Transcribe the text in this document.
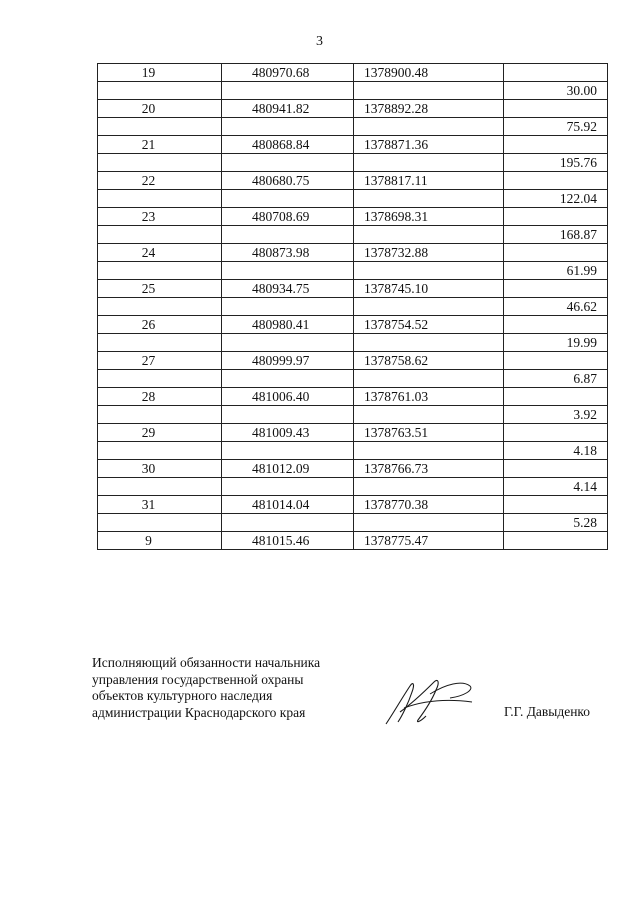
3
19	480970.68	1378900.48	
			30.00
20	480941.82	1378892.28	
			75.92
21	480868.84	1378871.36	
			195.76
22	480680.75	1378817.11	
			122.04
23	480708.69	1378698.31	
			168.87
24	480873.98	1378732.88	
			61.99
25	480934.75	1378745.10	
			46.62
26	480980.41	1378754.52	
			19.99
27	480999.97	1378758.62	
			6.87
28	481006.40	1378761.03	
			3.92
29	481009.43	1378763.51	
			4.18
30	481012.09	1378766.73	
			4.14
31	481014.04	1378770.38	
			5.28
9	481015.46	1378775.47	
Исполняющий обязанности начальника
управления государственной охраны
объектов культурного наследия
администрации Краснодарского края	Г.Г. Давыденко
